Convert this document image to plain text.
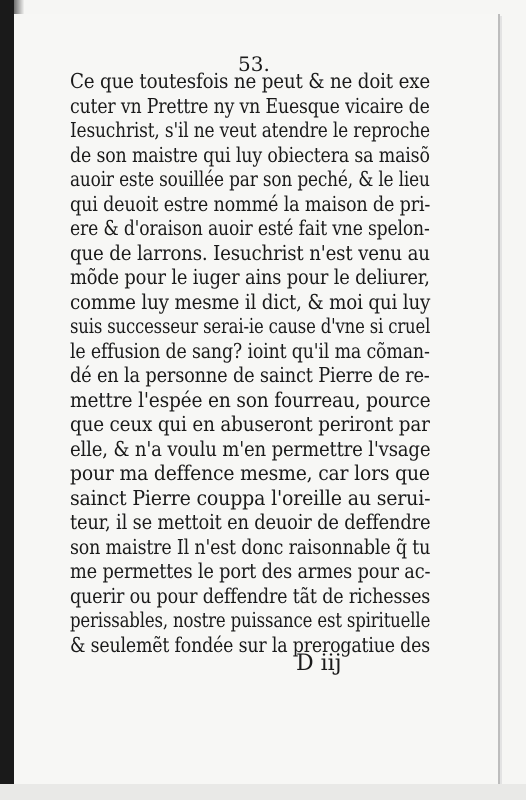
53.
Ce que toutesfois ne peut & ne doit exe
cuter vn Prettre ny vn Euesque vicaire de
Iesuchrist, s'il ne veut atendre le reproche
de son maistre qui luy obiectera sa maisõ
auoir este souillée par son peché, & le lieu
qui deuoit estre nommé la maison de pri-
ere & d'oraison auoir esté fait vne spelon-
que de larrons. Iesuchrist n'est venu au
mõde pour le iuger ains pour le deliurer,
comme luy mesme il dict, & moi qui luy
suis successeur serai-ie cause d'vne si cruel
le effusion de sang? ioint qu'il ma cõman-
dé en la personne de sainct Pierre de re-
mettre l'espée en son fourreau, pource
que ceux qui en abuseront periront par
elle, & n'a voulu m'en permettre l'vsage
pour ma deffence mesme, car lors que
sainct Pierre couppa l'oreille au serui-
teur, il se mettoit en deuoir de deffendre
son maistre Il n'est donc raisonnable q̃ tu
me permettes le port des armes pour ac-
querir ou pour deffendre tãt de richesses
perissables, nostre puissance est spirituelle
& seulemẽt fondée sur la prerogatiue des
D iij
